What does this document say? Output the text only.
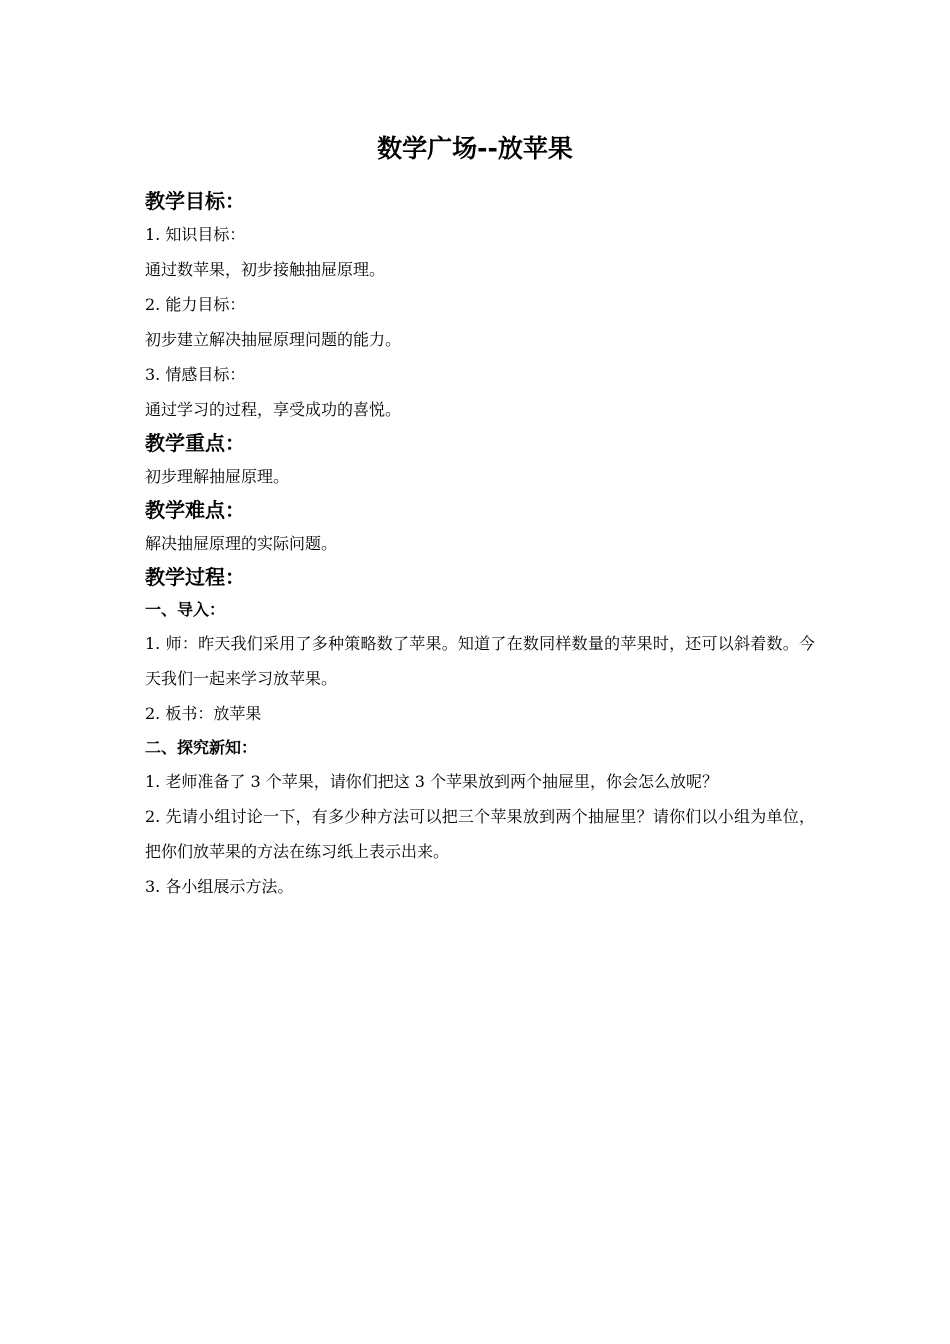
数学广场--放苹果
教学目标：
1. 知识目标：
通过数苹果，初步接触抽屉原理。
2. 能力目标：
初步建立解决抽屉原理问题的能力。
3. 情感目标：
通过学习的过程，享受成功的喜悦。
教学重点：
初步理解抽屉原理。
教学难点：
解决抽屉原理的实际问题。
教学过程：
一、导入：
1. 师：昨天我们采用了多种策略数了苹果。知道了在数同样数量的苹果时，还可以斜着数。今天我们一起来学习放苹果。
2. 板书：放苹果
二、探究新知：
1. 老师准备了 3 个苹果，请你们把这 3 个苹果放到两个抽屉里，你会怎么放呢？
2. 先请小组讨论一下，有多少种方法可以把三个苹果放到两个抽屉里？请你们以小组为单位，把你们放苹果的方法在练习纸上表示出来。
3. 各小组展示方法。
